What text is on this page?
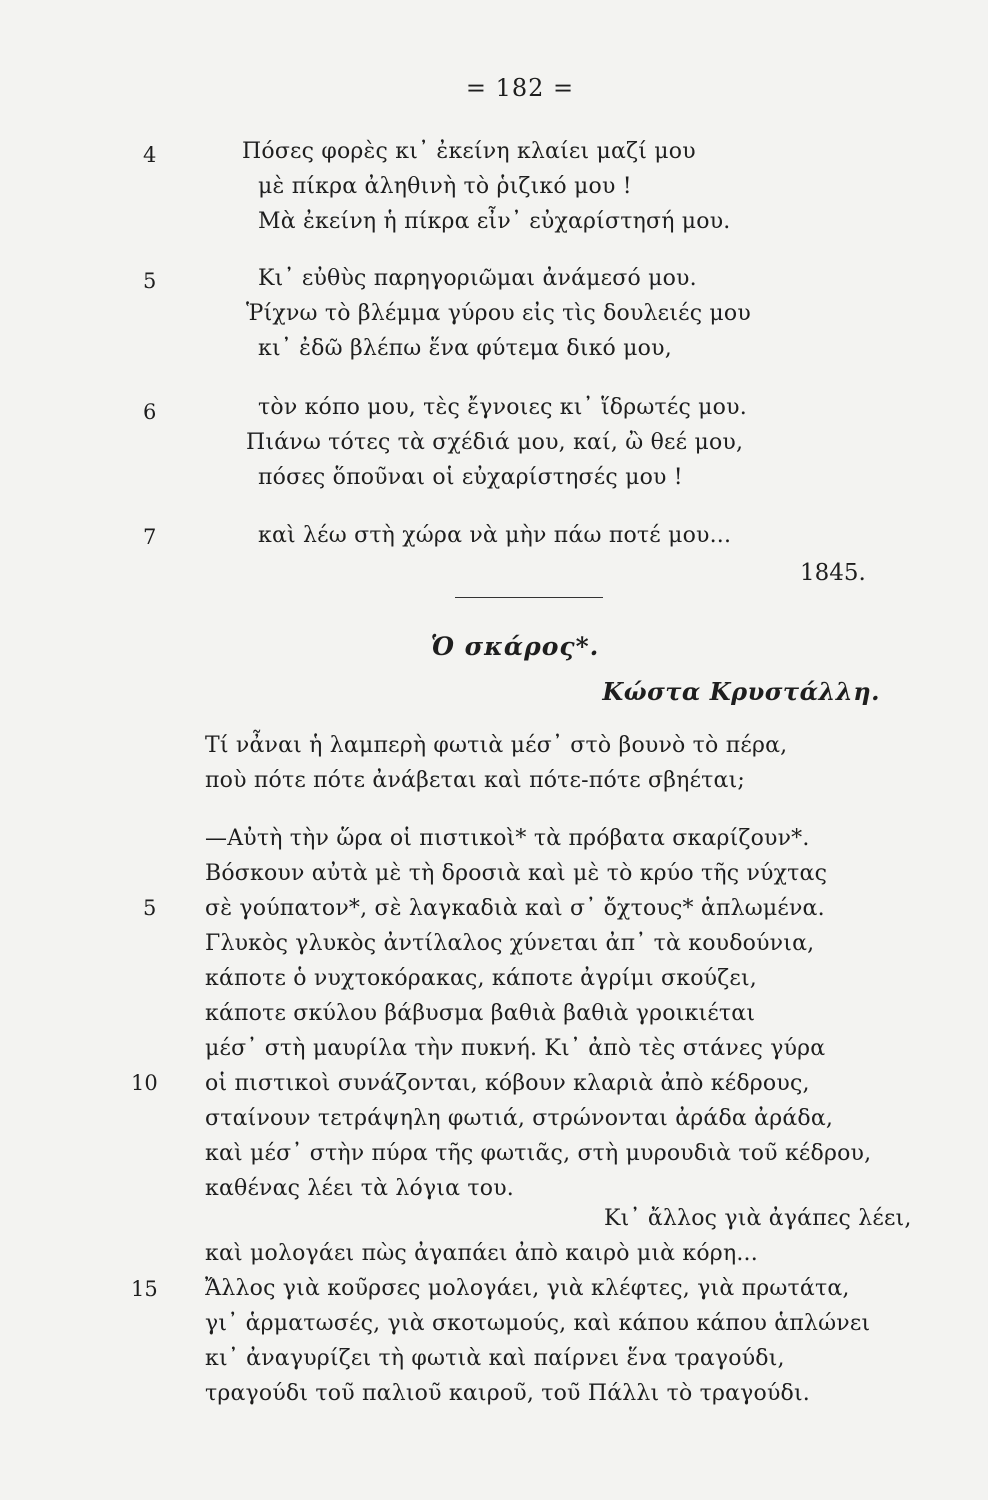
= 182 =
4
5
6
7
Πόσες φορὲς κι᾿ ἐκείνη κλαίει μαζί μου
μὲ πίκρα ἀληθινὴ τὸ ῥιζικό μου !
Μὰ ἐκείνη ἡ πίκρα εἶν᾿ εὐχαρίστησή μου.
Κι᾿ εὐθὺς παρηγοριῶμαι ἀνάμεσό μου.
Ῥίχνω τὸ βλέμμα γύρου εἰς τὶς δουλειές μου
κι᾿ ἐδῶ βλέπω ἕνα φύτεμα δικό μου,
τὸν κόπο μου, τὲς ἔγνοιες κι᾿ ἵδρωτές μου.
Πιάνω τότες τὰ σχέδιά μου, καί, ὢ θεέ μου,
πόσες ὅπου̃ναι οἱ εὐχαρίστησές μου !
καὶ λέω στὴ χώρα νὰ μὴν πάω ποτέ μου...
1845.
Ὁ σκάρος*.
Κώστα Κρυστάλλη.
5
10
15
Τί νἆναι ἡ λαμπερὴ φωτιὰ μέσ᾿ στὸ βουνὸ τὸ πέρα,
ποὺ πότε πότε ἀνάβεται καὶ πότε-πότε σβηέται;
—Αὐτὴ τὴν ὥρα οἱ πιστικοὶ* τὰ πρόβατα σκαρίζουν*.
Βόσκουν αὐτὰ μὲ τὴ δροσιὰ καὶ μὲ τὸ κρύο τῆς νύχτας
σὲ γούπατον*, σὲ λαγκαδιὰ καὶ σ᾿ ὄχτους* ἁπλωμένα.
Γλυκὸς γλυκὸς ἀντίλαλος χύνεται ἀπ᾿ τὰ κουδούνια,
κάποτε ὁ νυχτοκόρακας, κάποτε ἀγρίμι σκούζει,
κάποτε σκύλου βάβυσμα βαθιὰ βαθιὰ γροικιέται
μέσ᾿ στὴ μαυρίλα τὴν πυκνή. Κι᾿ ἀπὸ τὲς στάνες γύρα
οἱ πιστικοὶ συνάζονται, κόβουν κλαριὰ ἀπὸ κέδρους,
σταίνουν τετράψηλη φωτιά, στρώνονται ἀράδα ἀράδα,
καὶ μέσ᾿ στὴν πύρα τῆς φωτιᾶς, στὴ μυρουδιὰ του̃ κέδρου,
καθένας λέει τὰ λόγια του.
Κι᾿ ἄλλος γιὰ ἀγάπες λέει,
καὶ μολογάει πὼς ἀγαπάει ἀπὸ καιρὸ μιὰ κόρη...
Ἄλλος γιὰ κου̃ρσες μολογάει, γιὰ κλέφτες, γιὰ πρωτάτα,
γι᾿ ἁρματωσές, γιὰ σκοτωμούς, καὶ κάπου κάπου ἁπλώνει
κι᾿ ἀναγυρίζει τὴ φωτιὰ καὶ παίρνει ἕνα τραγούδι,
τραγούδι του̃ παλιου̃ καιρου̃, του̃ Πάλλι τὸ τραγούδι.
